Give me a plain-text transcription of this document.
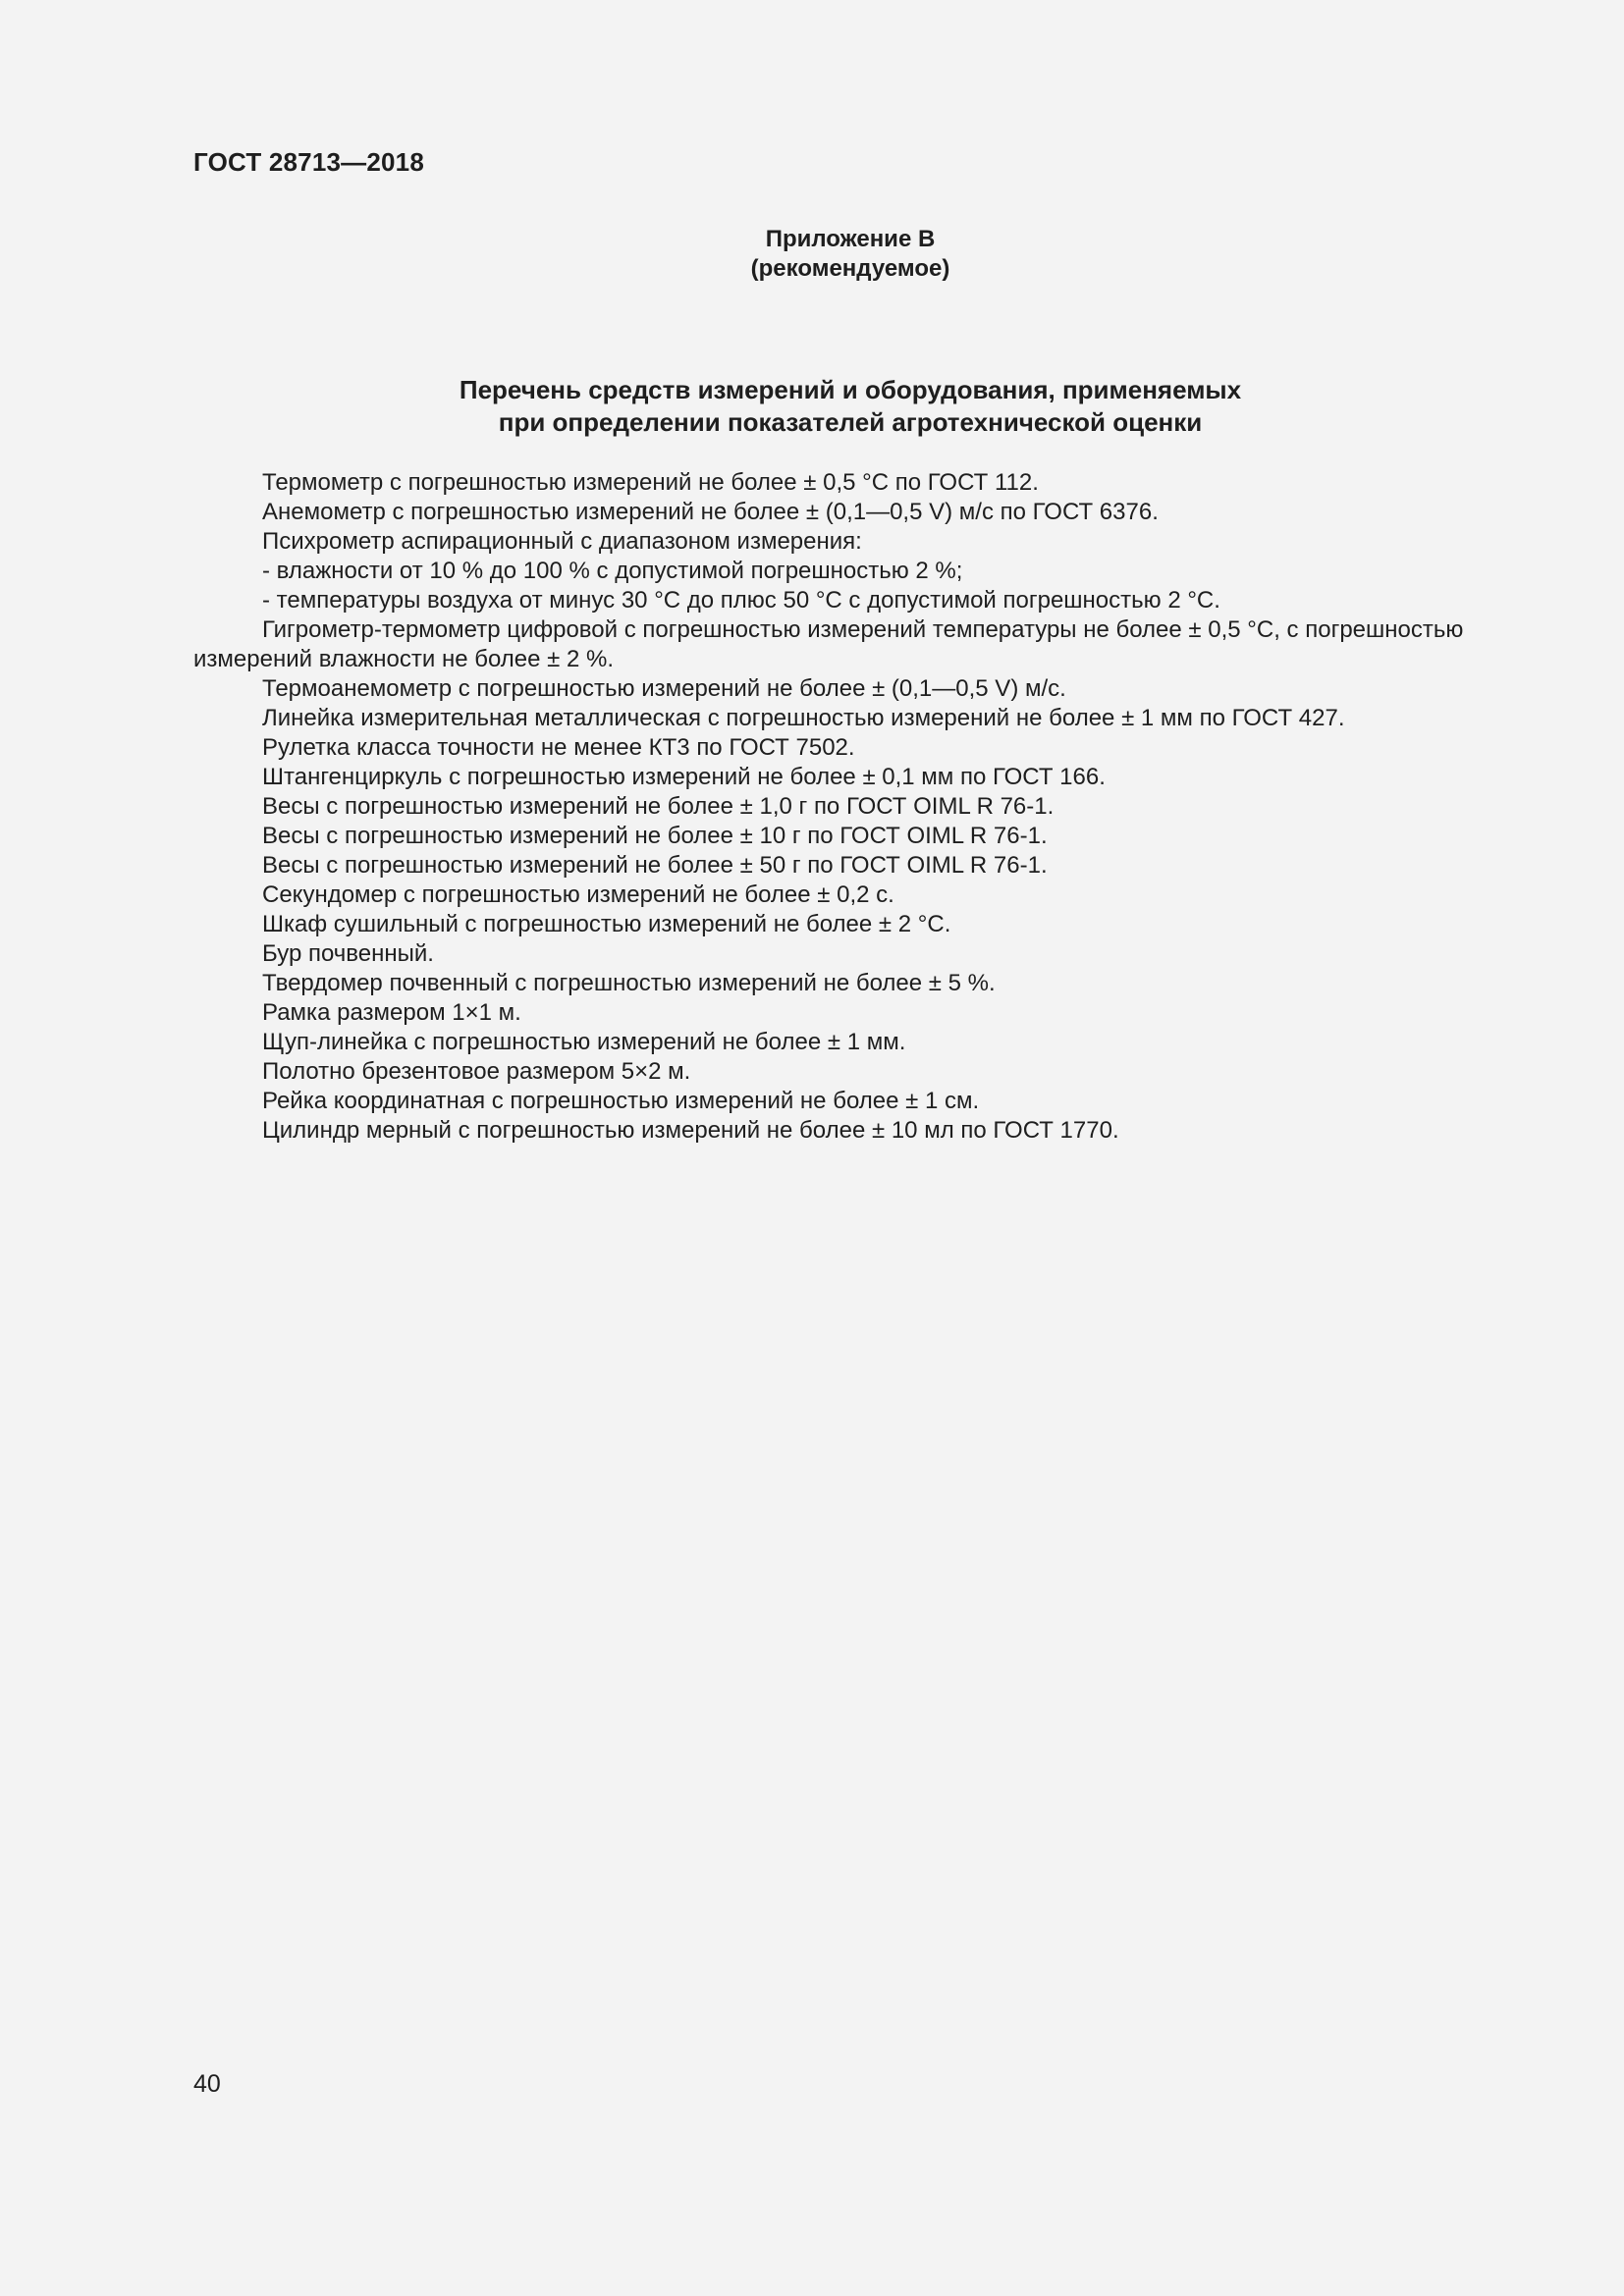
ГОСТ 28713—2018
Приложение В
(рекомендуемое)
Перечень средств измерений и оборудования, применяемых
при определении показателей агротехнической оценки

Термометр с погрешностью измерений не более ± 0,5 °С по ГОСТ 112.

Анемометр с погрешностью измерений не более ± (0,1—0,5 V) м/с по ГОСТ 6376.

Психрометр аспирационный с диапазоном измерения:

- влажности от 10 % до 100 % с допустимой погрешностью 2 %;

- температуры воздуха от минус 30 °С до плюс 50 °С с допустимой погрешностью 2 °С.

Гигрометр-термометр цифровой с погрешностью измерений температуры не более ± 0,5 °С, с погрешностью измерений влажности не более ± 2 %.

Термоанемометр с погрешностью измерений не более ± (0,1—0,5 V) м/с.

Линейка измерительная металлическая с погрешностью измерений не более ± 1 мм по ГОСТ 427.

Рулетка класса точности не менее КТ3 по ГОСТ 7502.

Штангенциркуль с погрешностью измерений не более ± 0,1 мм по ГОСТ 166.

Весы с погрешностью измерений не более ± 1,0 г по ГОСТ OIML R 76-1.

Весы с погрешностью измерений не более ± 10 г по ГОСТ OIML R 76-1.

Весы с погрешностью измерений не более ± 50 г по ГОСТ OIML R 76-1.

Секундомер с погрешностью измерений не более ± 0,2 с.

Шкаф сушильный с погрешностью измерений не более ± 2 °С.

Бур почвенный.

Твердомер почвенный с погрешностью измерений не более ± 5 %.

Рамка размером 1×1 м.

Щуп-линейка с погрешностью измерений не более ± 1 мм.

Полотно брезентовое размером 5×2 м.

Рейка координатная с погрешностью измерений не более ± 1 см.

Цилиндр мерный с погрешностью измерений не более ± 10 мл по ГОСТ 1770.

40
